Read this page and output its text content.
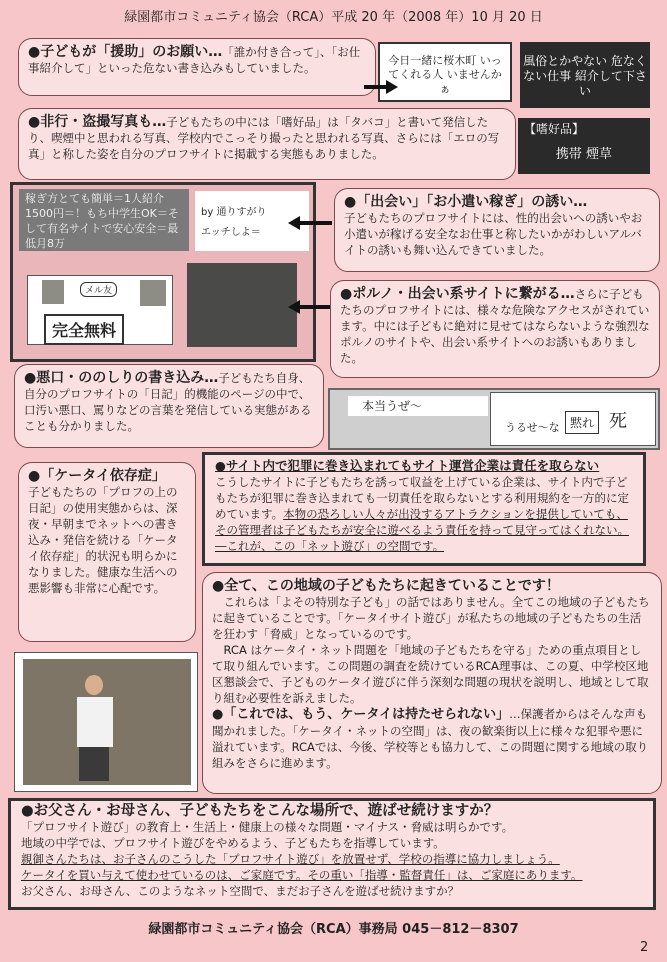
緑園都市コミュニティ協会（RCA）平成 20 年（2008 年）10 月 20 日
●子どもが「援助」のお願い…「誰か付き合って」、「お仕事紹介して」といった危ない書き込みもしていました。
今日一緒に桜木町 いってくれる人 いませんかぁ
風俗とかやない 危なくない仕事 紹介して下さい
●非行・盗撮写真も…子どもたちの中には「嗜好品」は「タバコ」と書いて発信したり、喫煙中と思われる写真、学校内でこっそり撮ったと思われる写真、さらには「エロの写真」と称した姿を自分のプロフサイトに掲載する実態もありました。
【嗜好品】
携帯 煙草
稼ぎ方とても簡単＝1人紹介1500円＝！もち中学生OK＝そして有名サイトで安心安全＝最低月8万
by 通りすがり
エッチしよ＝
メル友
完全無料
●「出会い」「お小遣い稼ぎ」の誘い…
子どもたちのプロフサイトには、性的出会いへの誘いやお小遣いが稼げる安全なお仕事と称したいかがわしいアルバイトの誘いも舞い込んできていました。
●ポルノ・出会い系サイトに繋がる…さらに子どもたちのプロフサイトには、様々な危険なアクセスがされています。中には子どもに絶対に見せてはならないような強烈なポルノのサイトや、出会い系サイトへのお誘いもありました。
●悪口・ののしりの書き込み…子どもたち自身、自分のプロフサイトの「日記」的機能のページの中で、口汚い悪口、罵りなどの言葉を発信している実態があることも分かりました。
本当うぜ～
うるせ～な 黙れ 死
●「ケータイ依存症」
子どもたちの「プロフの上の日記」の使用実態からは、深夜・早朝までネットへの書き込み・発信を続ける「ケータイ依存症」的状況も明らかになりました。健康な生活への悪影響も非常に心配です。
●サイト内で犯罪に巻き込まれてもサイト運営企業は責任を取らない
こうしたサイトに子どもたちを誘って収益を上げている企業は、サイト内で子どもたちが犯罪に巻き込まれても一切責任を取らないとする利用規約を一方的に定めています。本物の恐ろしい人々が出没するアトラクションを提供していても、その管理者は子どもたちが安全に遊べるよう責任を持って見守ってはくれない。―これが、この「ネット遊び」の空間です。
●全て、この地域の子どもたちに起きていることです！
これらは「よその特別な子ども」の話ではありません。全てこの地域の子どもたちに起きていることです。「ケータイサイト遊び」が私たちの地域の子どもたちの生活を狂わす「脅威」となっているのです。
RCA はケータイ・ネット問題を「地域の子どもたちを守る」ための重点項目として取り組んでいます。この問題の調査を続けているRCA理事は、この夏、中学校区地区懇談会で、子どものケータイ遊びに伴う深刻な問題の現状を説明し、地域として取り組む必要性を訴えました。
●「これでは、もう、ケータイは持たせられない」…保護者からはそんな声も聞かれました。「ケータイ・ネットの空間」は、夜の歓楽街以上に様々な犯罪や悪に溢れています。RCAでは、今後、学校等とも協力して、この問題に関する地域の取り組みをさらに進めます。
●お父さん・お母さん、子どもたちをこんな場所で、遊ばせ続けますか？
「プロフサイト遊び」の教育上・生活上・健康上の様々な問題・マイナス・脅威は明らかです。
地域の中学では、プロフサイト遊びをやめるよう、子どもたちを指導しています。
親御さんたちは、お子さんのこうした「プロフサイト遊び」を放置せず、学校の指導に協力しましょう。
ケータイを買い与えて使わせているのは、ご家庭です。その重い「指導・監督責任」は、ご家庭にあります。
お父さん、お母さん、このようなネット空間で、まだお子さんを遊ばせ続けますか？
緑園都市コミュニティ協会（RCA）事務局 045－812－8307
2
